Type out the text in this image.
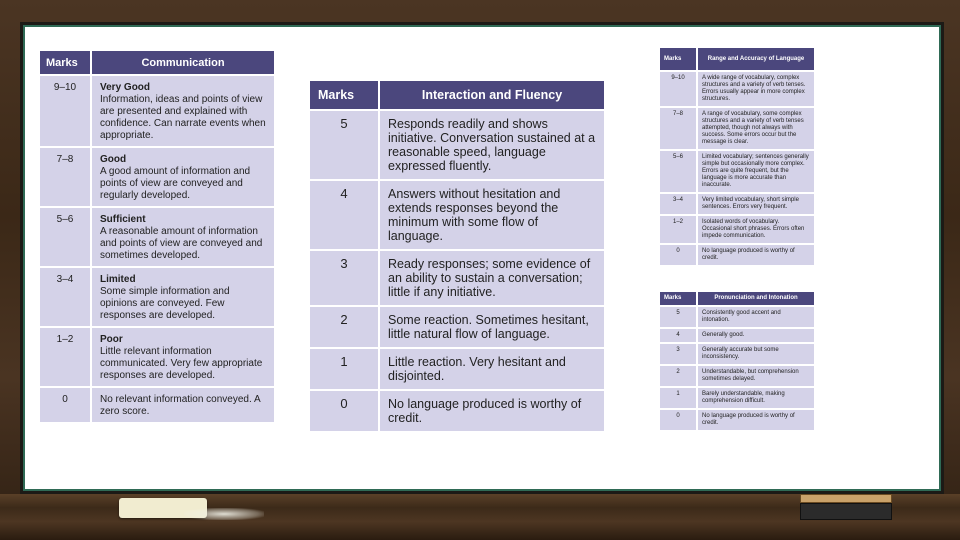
Marks	Communication
9–10	Very Good
Information, ideas and points of view are presented and explained with confidence. Can narrate events when appropriate.
7–8	Good
A good amount of information and points of view are conveyed and regularly developed.
5–6	Sufficient
A reasonable amount of information and points of view are conveyed and sometimes developed.
3–4	Limited
Some simple information and opinions are conveyed. Few responses are developed.
1–2	Poor
Little relevant information communicated. Very few appropriate responses are developed.
0	No relevant information conveyed. A zero score.
Marks	Interaction and Fluency
5	Responds readily and shows initiative. Conversation sustained at a reasonable speed, language expressed fluently.
4	Answers without hesitation and extends responses beyond the minimum with some flow of language.
3	Ready responses; some evidence of an ability to sustain a conversation; little if any initiative.
2	Some reaction. Sometimes hesitant, little natural flow of language.
1	Little reaction. Very hesitant and disjointed.
0	No language produced is worthy of credit.
Marks	Range and Accuracy of Language
9–10	A wide range of vocabulary, complex structures and a variety of verb tenses. Errors usually appear in more complex structures.
7–8	A range of vocabulary, some complex structures and a variety of verb tenses attempted, though not always with success. Some errors occur but the message is clear.
5–6	Limited vocabulary; sentences generally simple but occasionally more complex. Errors are quite frequent, but the language is more accurate than inaccurate.
3–4	Very limited vocabulary, short simple sentences. Errors very frequent.
1–2	Isolated words of vocabulary. Occasional short phrases. Errors often impede communication.
0	No language produced is worthy of credit.
Marks	Pronunciation and Intonation
5	Consistently good accent and intonation.
4	Generally good.
3	Generally accurate but some inconsistency.
2	Understandable, but comprehension sometimes delayed.
1	Barely understandable, making comprehension difficult.
0	No language produced is worthy of credit.
